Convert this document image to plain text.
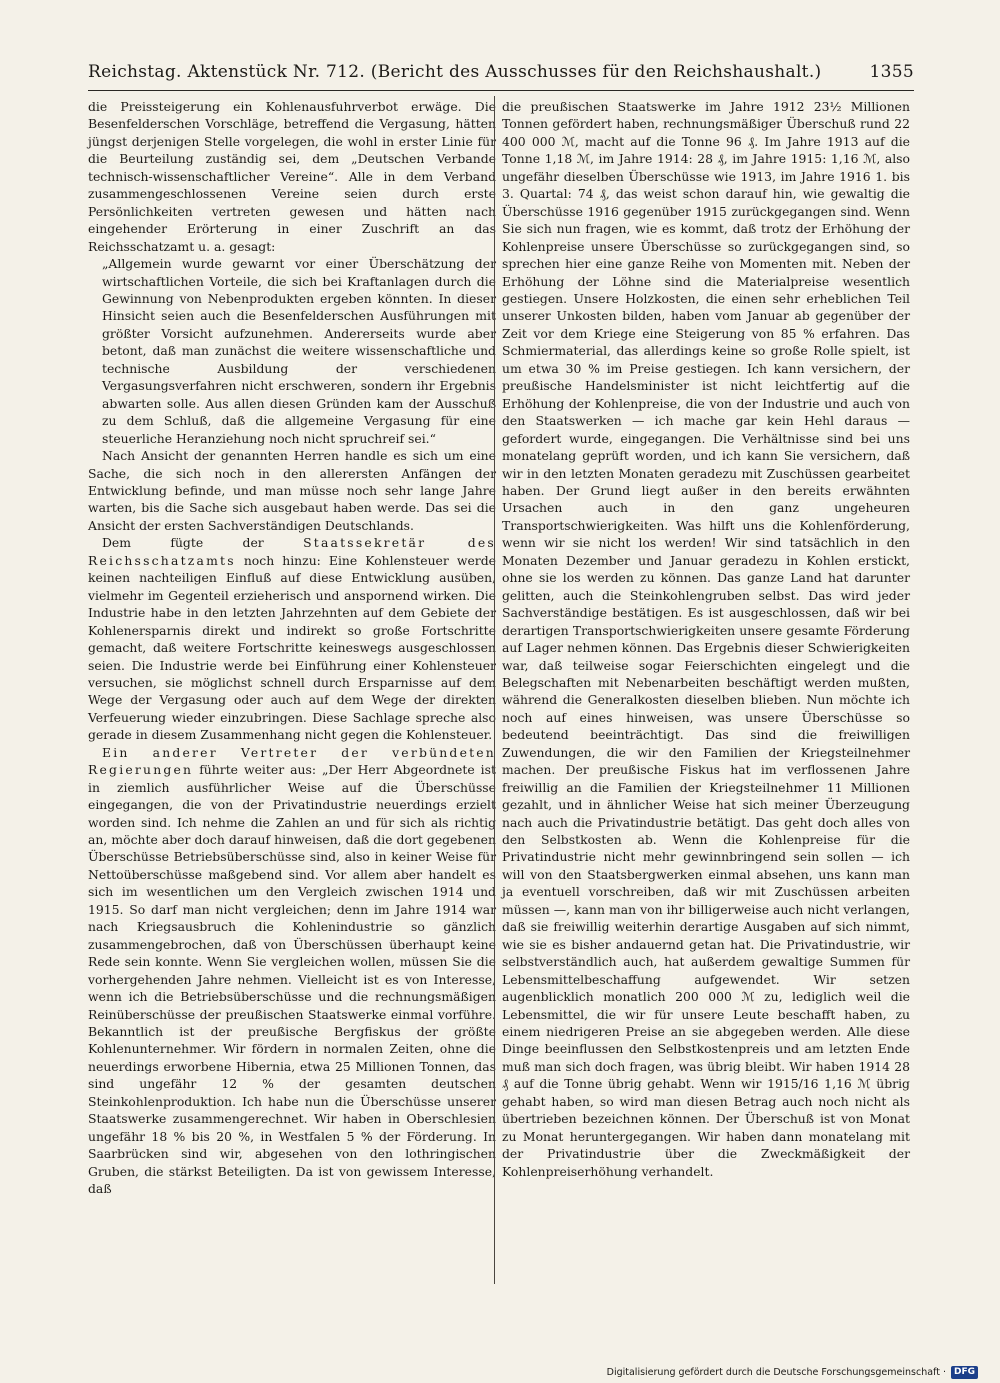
Reichstag. Aktenstück Nr. 712. (Bericht des Ausschusses für den Reichshaushalt.)	1355

die Preissteigerung ein Kohlenausfuhrverbot erwäge. Die Besenfelderschen Vorschläge, betreffend die Vergasung, hätten jüngst derjenigen Stelle vorgelegen, die wohl in erster Linie für die Beurteilung zuständig sei, dem „Deutschen Verbande technisch-wissenschaftlicher Vereine“. Alle in dem Verband zusammengeschlossenen Vereine seien durch erste Persönlichkeiten vertreten gewesen und hätten nach eingehender Erörterung in einer Zuschrift an das Reichsschatzamt u. a. gesagt:

„Allgemein wurde gewarnt vor einer Überschätzung der wirtschaftlichen Vorteile, die sich bei Kraftanlagen durch die Gewinnung von Nebenprodukten ergeben könnten. In dieser Hinsicht seien auch die Besenfelderschen Ausführungen mit größter Vorsicht aufzunehmen. Andererseits wurde aber betont, daß man zunächst die weitere wissenschaftliche und technische Ausbildung der verschiedenen Vergasungsverfahren nicht erschweren, sondern ihr Ergebnis abwarten solle. Aus allen diesen Gründen kam der Ausschuß zu dem Schluß, daß die allgemeine Vergasung für eine steuerliche Heranziehung noch nicht spruchreif sei.“

Nach Ansicht der genannten Herren handle es sich um eine Sache, die sich noch in den allerersten Anfängen der Entwicklung befinde, und man müsse noch sehr lange Jahre warten, bis die Sache sich ausgebaut haben werde. Das sei die Ansicht der ersten Sachverständigen Deutschlands.

Dem fügte der	Staatssekretär des Reichsschatzamts noch hinzu: Eine Kohlensteuer werde keinen nachteiligen Einfluß auf diese Entwicklung ausüben, vielmehr im Gegenteil erzieherisch und anspornend wirken. Die Industrie habe in den letzten Jahrzehnten auf dem Gebiete der Kohlenersparnis direkt und indirekt so große Fortschritte gemacht, daß weitere Fortschritte keineswegs ausgeschlossen seien. Die Industrie werde bei Einführung einer Kohlensteuer versuchen, sie möglichst schnell durch Ersparnisse auf dem Wege der Vergasung oder auch auf dem Wege der direkten Verfeuerung wieder einzubringen. Diese Sachlage spreche also gerade in diesem Zusammenhang nicht gegen die Kohlensteuer.

Ein anderer Vertreter der verbündeten Regierungen führte weiter aus: „Der Herr Abgeordnete ist in ziemlich ausführlicher Weise auf die Überschüsse eingegangen, die von der Privatindustrie neuerdings erzielt worden sind. Ich nehme die Zahlen an und für sich als richtig an, möchte aber doch darauf hinweisen, daß die dort gegebenen Überschüsse Betriebsüberschüsse sind, also in keiner Weise für Nettoüberschüsse maßgebend sind. Vor allem aber handelt es sich im wesentlichen um den Vergleich zwischen 1914 und 1915. So darf man nicht vergleichen; denn im Jahre 1914 war nach Kriegsausbruch die Kohlenindustrie so gänzlich zusammengebrochen, daß von Überschüssen überhaupt keine Rede sein konnte. Wenn Sie vergleichen wollen, müssen Sie die vorhergehenden Jahre nehmen. Vielleicht ist es von Interesse, wenn ich die Betriebsüberschüsse und die rechnungsmäßigen Reinüberschüsse der preußischen Staatswerke einmal vorführe. Bekanntlich ist der preußische Bergfiskus der größte Kohlenunternehmer. Wir fördern in normalen Zeiten, ohne die neuerdings erworbene Hibernia, etwa 25 Millionen Tonnen, das sind ungefähr 12 % der gesamten deutschen Steinkohlenproduktion. Ich habe nun die Überschüsse unserer Staatswerke zusammengerechnet. Wir haben in Oberschlesien ungefähr 18 % bis 20 %, in Westfalen 5 % der Förderung. In Saarbrücken sind wir, abgesehen von den lothringischen Gruben, die stärkst Beteiligten. Da ist von gewissem Interesse, daß

die preußischen Staatswerke im Jahre 1912 23½ Millionen Tonnen gefördert haben, rechnungsmäßiger Überschuß rund 22 400 000 ℳ, macht auf die Tonne 96 ₰. Im Jahre 1913 auf die Tonne 1,18 ℳ, im Jahre 1914: 28 ₰, im Jahre 1915: 1,16 ℳ, also ungefähr dieselben Überschüsse wie 1913, im Jahre 1916 1. bis 3. Quartal: 74 ₰, das weist schon darauf hin, wie gewaltig die Überschüsse 1916 gegenüber 1915 zurückgegangen sind. Wenn Sie sich nun fragen, wie es kommt, daß trotz der Erhöhung der Kohlenpreise unsere Überschüsse so zurückgegangen sind, so sprechen hier eine ganze Reihe von Momenten mit. Neben der Erhöhung der Löhne sind die Materialpreise wesentlich gestiegen. Unsere Holzkosten, die einen sehr erheblichen Teil unserer Unkosten bilden, haben vom Januar ab gegenüber der Zeit vor dem Kriege eine Steigerung von 85 % erfahren. Das Schmiermaterial, das allerdings keine so große Rolle spielt, ist um etwa 30 % im Preise gestiegen. Ich kann versichern, der preußische Handelsminister ist nicht leichtfertig auf die Erhöhung der Kohlenpreise, die von der Industrie und auch von den Staatswerken — ich mache gar kein Hehl daraus — gefordert wurde, eingegangen. Die Verhältnisse sind bei uns monatelang geprüft worden, und ich kann Sie versichern, daß wir in den letzten Monaten geradezu mit Zuschüssen gearbeitet haben. Der Grund liegt außer in den bereits erwähnten Ursachen auch in den ganz ungeheuren Transportschwierigkeiten. Was hilft uns die Kohlenförderung, wenn wir sie nicht los werden! Wir sind tatsächlich in den Monaten Dezember und Januar geradezu in Kohlen erstickt, ohne sie los werden zu können. Das ganze Land hat darunter gelitten, auch die Steinkohlengruben selbst. Das wird jeder Sachverständige bestätigen. Es ist ausgeschlossen, daß wir bei derartigen Transportschwierigkeiten unsere gesamte Förderung auf Lager nehmen können. Das Ergebnis dieser Schwierigkeiten war, daß teilweise sogar Feierschichten eingelegt und die Belegschaften mit Nebenarbeiten beschäftigt werden mußten, während die Generalkosten dieselben blieben. Nun möchte ich noch auf eines hinweisen, was unsere Überschüsse so bedeutend beeinträchtigt. Das sind die freiwilligen Zuwendungen, die wir den Familien der Kriegsteilnehmer machen. Der preußische Fiskus hat im verflossenen Jahre freiwillig an die Familien der Kriegsteilnehmer 11 Millionen gezahlt, und in ähnlicher Weise hat sich meiner Überzeugung nach auch die Privatindustrie betätigt. Das geht doch alles von den Selbstkosten ab. Wenn die Kohlenpreise für die Privatindustrie nicht mehr gewinnbringend sein sollen — ich will von den Staatsbergwerken einmal absehen, uns kann man ja eventuell vorschreiben, daß wir mit Zuschüssen arbeiten müssen —, kann man von ihr billigerweise auch nicht verlangen, daß sie freiwillig weiterhin derartige Ausgaben auf sich nimmt, wie sie es bisher andauernd getan hat. Die Privatindustrie, wir selbstverständlich auch, hat außerdem gewaltige Summen für Lebensmittelbeschaffung aufgewendet. Wir setzen augenblicklich monatlich 200 000 ℳ zu, lediglich weil die Lebensmittel, die wir für unsere Leute beschafft haben, zu einem niedrigeren Preise an sie abgegeben werden. Alle diese Dinge beeinflussen den Selbstkostenpreis und am letzten Ende muß man sich doch fragen, was übrig bleibt. Wir haben 1914 28 ₰ auf die Tonne übrig gehabt. Wenn wir 1915/16 1,16 ℳ übrig gehabt haben, so wird man diesen Betrag auch noch nicht als übertrieben bezeichnen können. Der Überschuß ist von Monat zu Monat heruntergegangen. Wir haben dann monatelang mit der Privatindustrie über die Zweckmäßigkeit der Kohlenpreiserhöhung verhandelt.

Digitalisierung gefördert durch die Deutsche Forschungsgemeinschaft · DFG
